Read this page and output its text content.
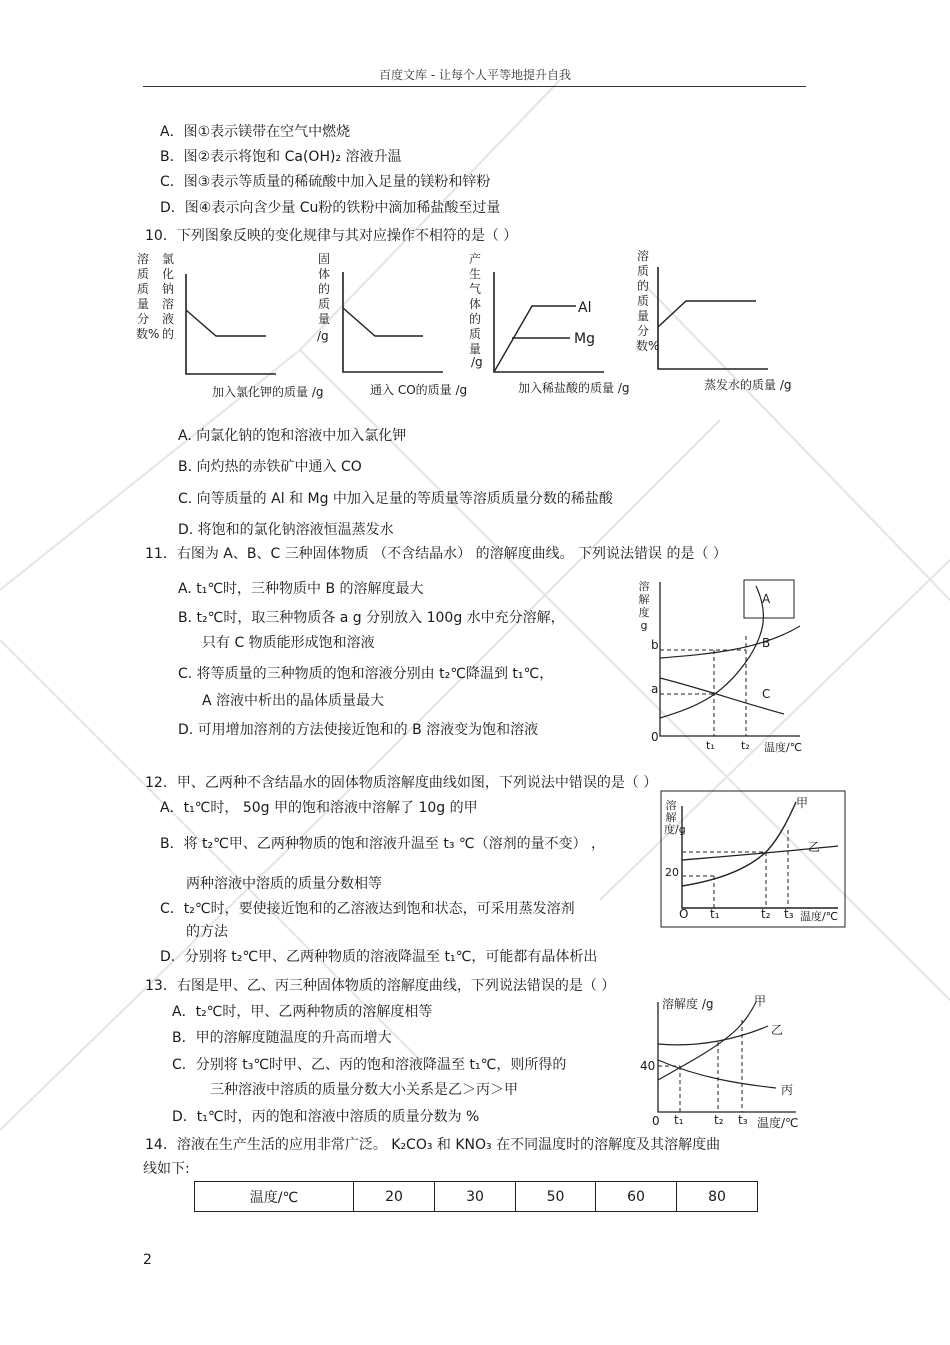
百度文库 - 让每个人平等地提升自我
A．图①表示镁带在空气中燃烧
B．图②表示将饱和 Ca(OH)₂ 溶液升温
C．图③表示等质量的稀硫酸中加入足量的镁粉和锌粉
D．图④表示向含少量 Cu粉的铁粉中滴加稀盐酸至过量
10．下列图象反映的变化规律与其对应操作不相符的是（ ）
溶质质量分数%
氯化钠溶液的
加入氯化钾的质量 /g
固体的质量
/g
通入 CO的质量 /g
产生气体的质量
/g
Al
Mg
加入稀盐酸的质量 /g
溶质的质量分数%
蒸发水的质量 /g
A. 向氯化钠的饱和溶液中加入氯化钾
B. 向灼热的赤铁矿中通入 CO
C. 向等质量的 Al 和 Mg 中加入足量的等质量等溶质质量分数的稀盐酸
D. 将饱和的氯化钠溶液恒温蒸发水
11．右图为 A、B、C 三种固体物质 （不含结晶水） 的溶解度曲线。 下列说法错误 的是（ ）
A. t₁℃时，三种物质中 B 的溶解度最大
B. t₂℃时，取三种物质各 a g 分别放入 100g 水中充分溶解，
只有 C 物质能形成饱和溶液
C. 将等质量的三种物质的饱和溶液分别由 t₂℃降温到 t₁℃，
A 溶液中析出的晶体质量最大
D. 可用增加溶剂的方法使接近饱和的 B 溶液变为饱和溶液
溶解度g
A
B
C
b
a
0
t₁ t₂ 温度/℃
12．甲、乙两种不含结晶水的固体物质溶解度曲线如图，下列说法中错误的是（ ）
A．t₁℃时， 50g 甲的饱和溶液中溶解了 10g 的甲
B．将 t₂℃甲、乙两种物质的饱和溶液升温至 t₃ ℃（溶剂的量不变） ，
两种溶液中溶质的质量分数相等
C．t₂℃时，要使接近饱和的乙溶液达到饱和状态，可采用蒸发溶剂
的方法
D．分别将 t₂℃甲、乙两种物质的溶液降温至 t₁℃，可能都有晶体析出
溶解度/g
甲
乙
20
O t₁	t₂ t₃ 温度/℃
13．右图是甲、乙、丙三种固体物质的溶解度曲线，下列说法错误的是（ ）
A．t₂℃时，甲、乙两种物质的溶解度相等
B．甲的溶解度随温度的升高而增大
C．分别将 t₃℃时甲、乙、丙的饱和溶液降温至 t₁℃，则所得的
三种溶液中溶质的质量分数大小关系是乙＞丙＞甲
D．t₁℃时，丙的饱和溶液中溶质的质量分数为 %
溶解度 /g	甲
乙
丙
40
0 t₁	t₂ t₃ 温度/℃
14．溶液在生产生活的应用非常广泛。 K₂CO₃ 和 KNO₃ 在不同温度时的溶解度及其溶解度曲
线如下:
温度/℃	20	30	50	60	80
2
